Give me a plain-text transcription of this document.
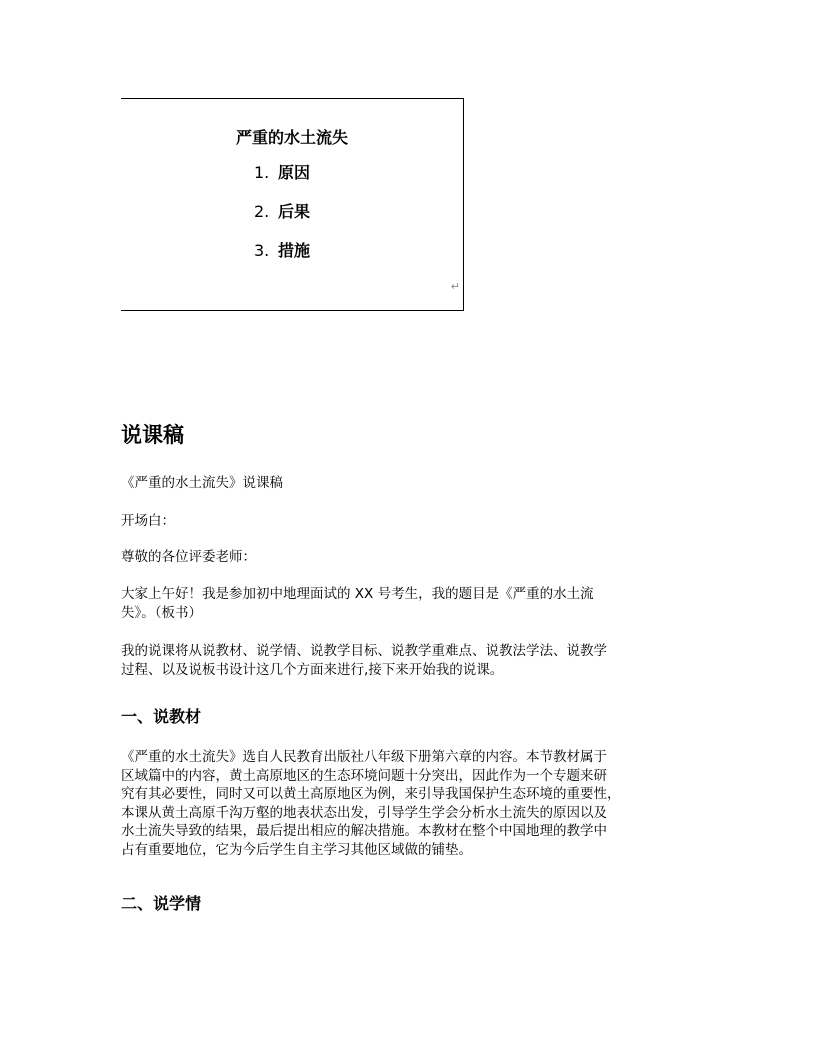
严重的水土流失
1. 原因
2. 后果
3. 措施
↵
说课稿

《严重的水土流失》说课稿

开场白：

尊敬的各位评委老师：

大家上午好！我是参加初中地理面试的 XX 号考生，我的题目是《严重的水土流
失》。（板书）
我的说课将从说教材、说学情、说教学目标、说教学重难点、说教法学法、说教学
过程、以及说板书设计这几个方面来进行,接下来开始我的说课。
一、说教材
《严重的水土流失》选自人民教育出版社八年级下册第六章的内容。本节教材属于
区域篇中的内容，黄土高原地区的生态环境问题十分突出，因此作为一个专题来研
究有其必要性，同时又可以黄土高原地区为例，来引导我国保护生态环境的重要性，
本课从黄土高原千沟万壑的地表状态出发，引导学生学会分析水土流失的原因以及
水土流失导致的结果，最后提出相应的解决措施。本教材在整个中国地理的教学中
占有重要地位，它为今后学生自主学习其他区域做的铺垫。
二、说学情
